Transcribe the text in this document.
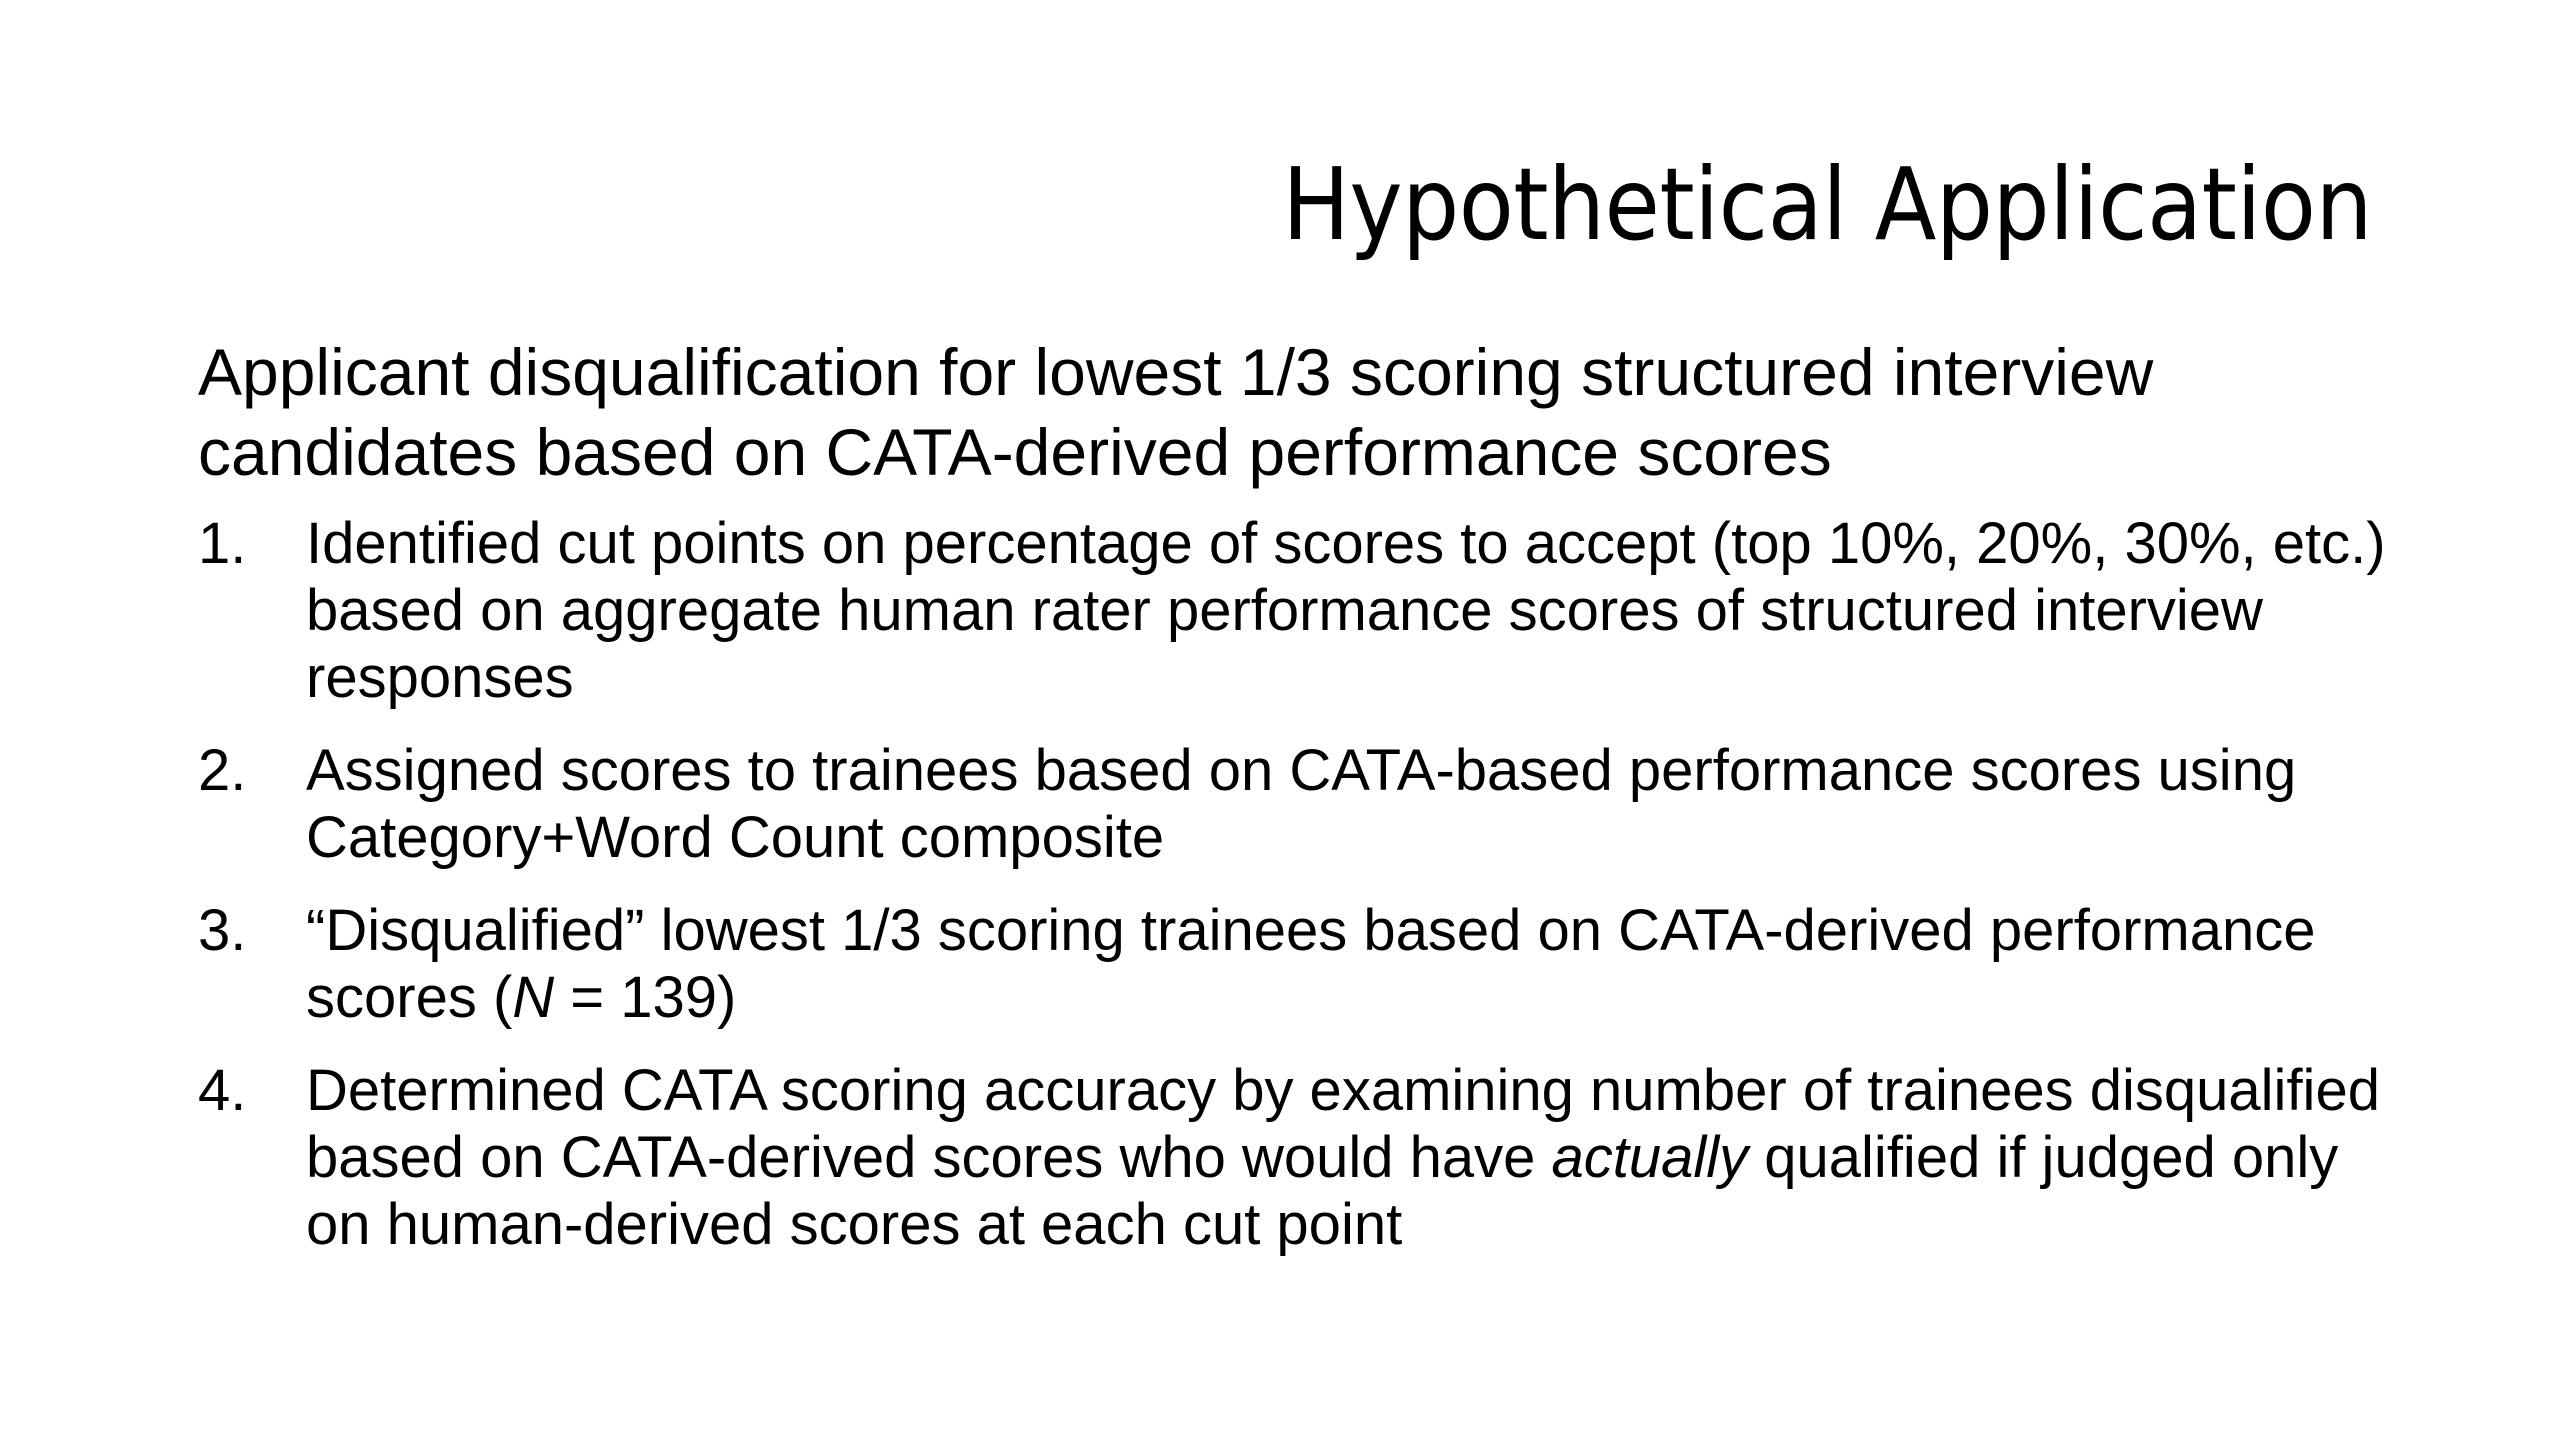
Hypothetical Application
Applicant disqualification for lowest 1/3 scoring structured interview candidates based on CATA-derived performance scores
1.	Identified cut points on percentage of scores to accept (top 10%, 20%, 30%, etc.) based on aggregate human rater performance scores of structured interview responses
2.	Assigned scores to trainees based on CATA-based performance scores using Category+Word Count composite
3.	“Disqualified” lowest 1/3 scoring trainees based on CATA-derived performance scores (N = 139)
4.	Determined CATA scoring accuracy by examining number of trainees disqualified based on CATA-derived scores who would have actually qualified if judged only on human-derived scores at each cut point
